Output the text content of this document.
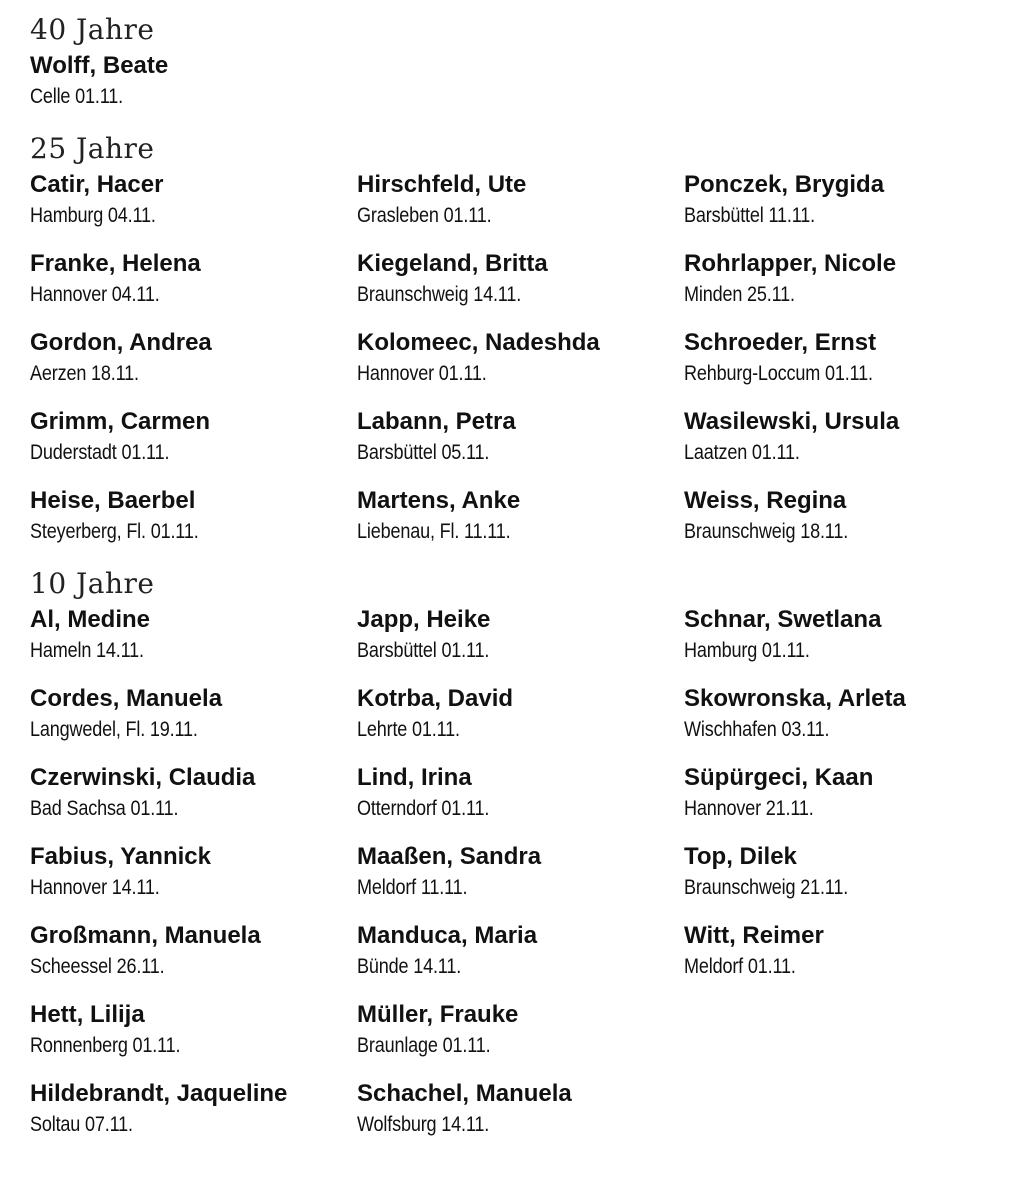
40 Jahre
Wolff, Beate
Celle 01.11.
25 Jahre
Catir, Hacer
Hamburg 04.11.
Hirschfeld, Ute
Grasleben 01.11.
Ponczek, Brygida
Barsbüttel 11.11.
Franke, Helena
Hannover 04.11.
Kiegeland, Britta
Braunschweig 14.11.
Rohrlapper, Nicole
Minden 25.11.
Gordon, Andrea
Aerzen 18.11.
Kolomeec, Nadeshda
Hannover 01.11.
Schroeder, Ernst
Rehburg-Loccum 01.11.
Grimm, Carmen
Duderstadt 01.11.
Labann, Petra
Barsbüttel 05.11.
Wasilewski, Ursula
Laatzen 01.11.
Heise, Baerbel
Steyerberg, Fl. 01.11.
Martens, Anke
Liebenau, Fl. 11.11.
Weiss, Regina
Braunschweig 18.11.
10 Jahre
Al, Medine
Hameln 14.11.
Japp, Heike
Barsbüttel 01.11.
Schnar, Swetlana
Hamburg 01.11.
Cordes, Manuela
Langwedel, Fl. 19.11.
Kotrba, David
Lehrte 01.11.
Skowronska, Arleta
Wischhafen 03.11.
Czerwinski, Claudia
Bad Sachsa 01.11.
Lind, Irina
Otterndorf 01.11.
Süpürgeci, Kaan
Hannover 21.11.
Fabius, Yannick
Hannover 14.11.
Maaßen, Sandra
Meldorf 11.11.
Top, Dilek
Braunschweig 21.11.
Großmann, Manuela
Scheessel 26.11.
Manduca, Maria
Bünde 14.11.
Witt, Reimer
Meldorf 01.11.
Hett, Lilija
Ronnenberg 01.11.
Müller, Frauke
Braunlage 01.11.
Hildebrandt, Jaqueline
Soltau 07.11.
Schachel, Manuela
Wolfsburg 14.11.
